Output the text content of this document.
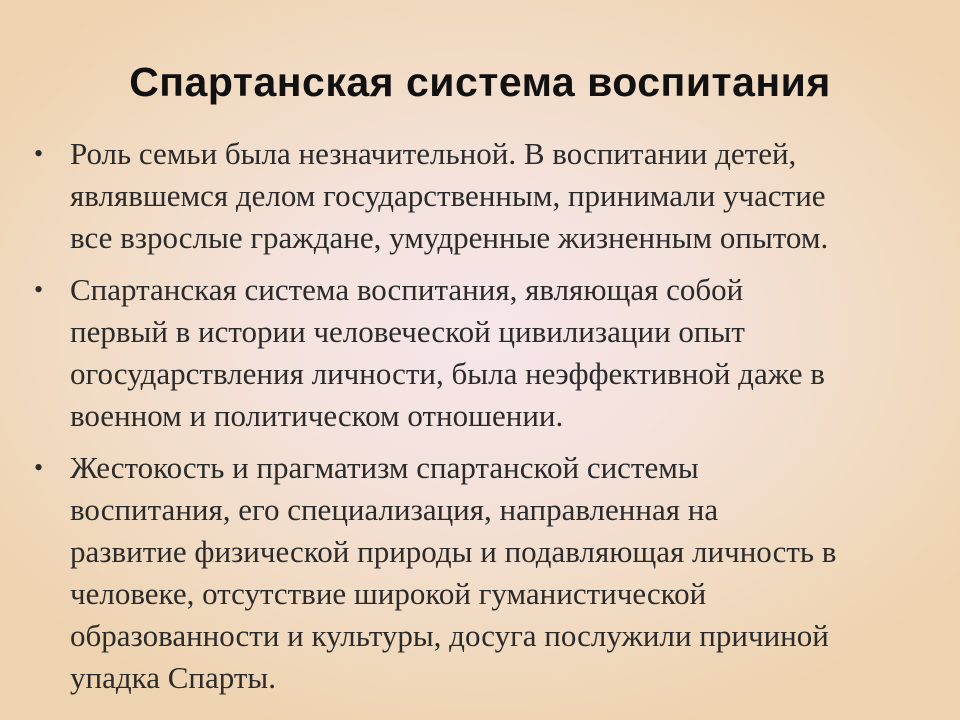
Спартанская система воспитания
• Роль семьи была незначительной. В воспитании детей,
являвшемся делом государственным, принимали участие
все взрослые граждане, умудренные жизненным опытом.
• Спартанская система воспитания, являющая собой
первый в истории человеческой цивилизации опыт
огосударствления личности, была неэффективной даже в
военном и политическом отношении.
• Жестокость и прагматизм спартанской системы
воспитания, его специализация, направленная на
развитие физической природы и подавляющая личность в
человеке, отсутствие широкой гуманистической
образованности и культуры, досуга послужили причиной
упадка Спарты.
